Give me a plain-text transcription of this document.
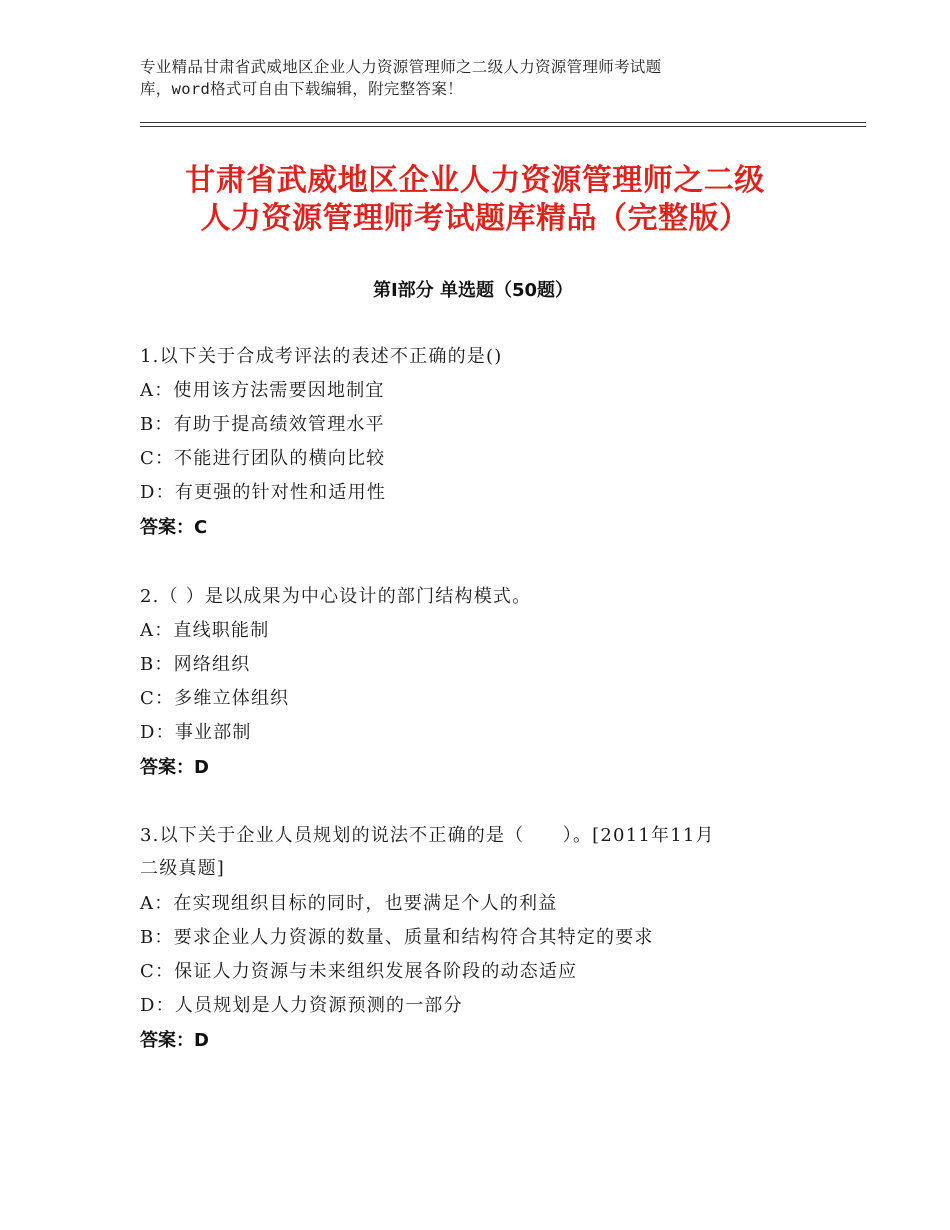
专业精品甘肃省武威地区企业人力资源管理师之二级人力资源管理师考试题
库，word格式可自由下载编辑，附完整答案！
甘肃省武威地区企业人力资源管理师之二级
人力资源管理师考试题库精品（完整版）
第Ⅰ部分 单选题（50题）
1.以下关于合成考评法的表述不正确的是()
A：使用该方法需要因地制宜
B：有助于提高绩效管理水平
C：不能进行团队的横向比较
D：有更强的针对性和适用性
答案：C
2.（ ）是以成果为中心设计的部门结构模式。
A：直线职能制
B：网络组织
C：多维立体组织
D：事业部制
答案：D
3.以下关于企业人员规划的说法不正确的是（　　）。[2011年11月
二级真题]
A：在实现组织目标的同时，也要满足个人的利益
B：要求企业人力资源的数量、质量和结构符合其特定的要求
C：保证人力资源与未来组织发展各阶段的动态适应
D：人员规划是人力资源预测的一部分
答案：D
